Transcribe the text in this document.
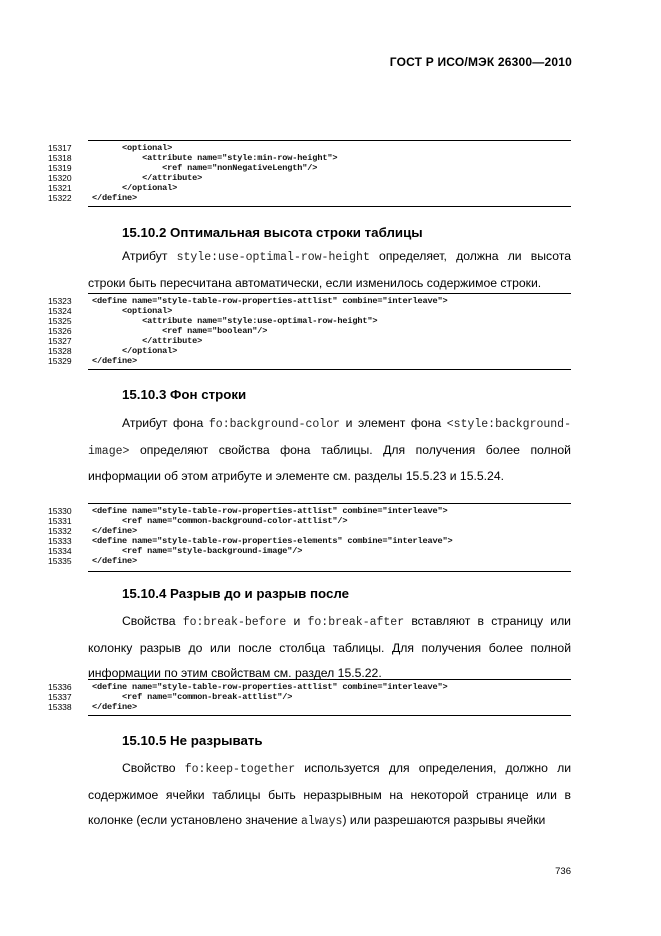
ГОСТ Р ИСО/МЭК 26300—2010
15317	<optional>
15318	<attribute name="style:min-row-height">
15319	<ref name="nonNegativeLength"/>
15320	</attribute>
15321	</optional>
15322	</define>
15.10.2 Оптимальная высота строки таблицы
Атрибут style:use-optimal-row-height определяет, должна ли высота строки быть пересчитана автоматически, если изменилось содержимое строки.
15323	<define name="style-table-row-properties-attlist" combine="interleave">
15324	<optional>
15325	<attribute name="style:use-optimal-row-height">
15326	<ref name="boolean"/>
15327	</attribute>
15328	</optional>
15329	</define>
15.10.3 Фон строки
Атрибут фона fo:background-color и элемент фона <style:background-image> определяют свойства фона таблицы. Для получения более полной информации об этом атрибуте и элементе см. разделы 15.5.23 и 15.5.24.
15330	<define name="style-table-row-properties-attlist" combine="interleave">
15331	<ref name="common-background-color-attlist"/>
15332	</define>
15333	<define name="style-table-row-properties-elements" combine="interleave">
15334	<ref name="style-background-image"/>
15335	</define>
15.10.4 Разрыв до и разрыв после
Свойства fo:break-before и fo:break-after вставляют в страницу или колонку разрыв до или после столбца таблицы. Для получения более полной информации по этим свойствам см. раздел 15.5.22.
15336	<define name="style-table-row-properties-attlist" combine="interleave">
15337	<ref name="common-break-attlist"/>
15338	</define>
15.10.5 Не разрывать
Свойство fo:keep-together используется для определения, должно ли содержимое ячейки таблицы быть неразрывным на некоторой странице или в колонке (если установлено значение always) или разрешаются разрывы ячейки
736
